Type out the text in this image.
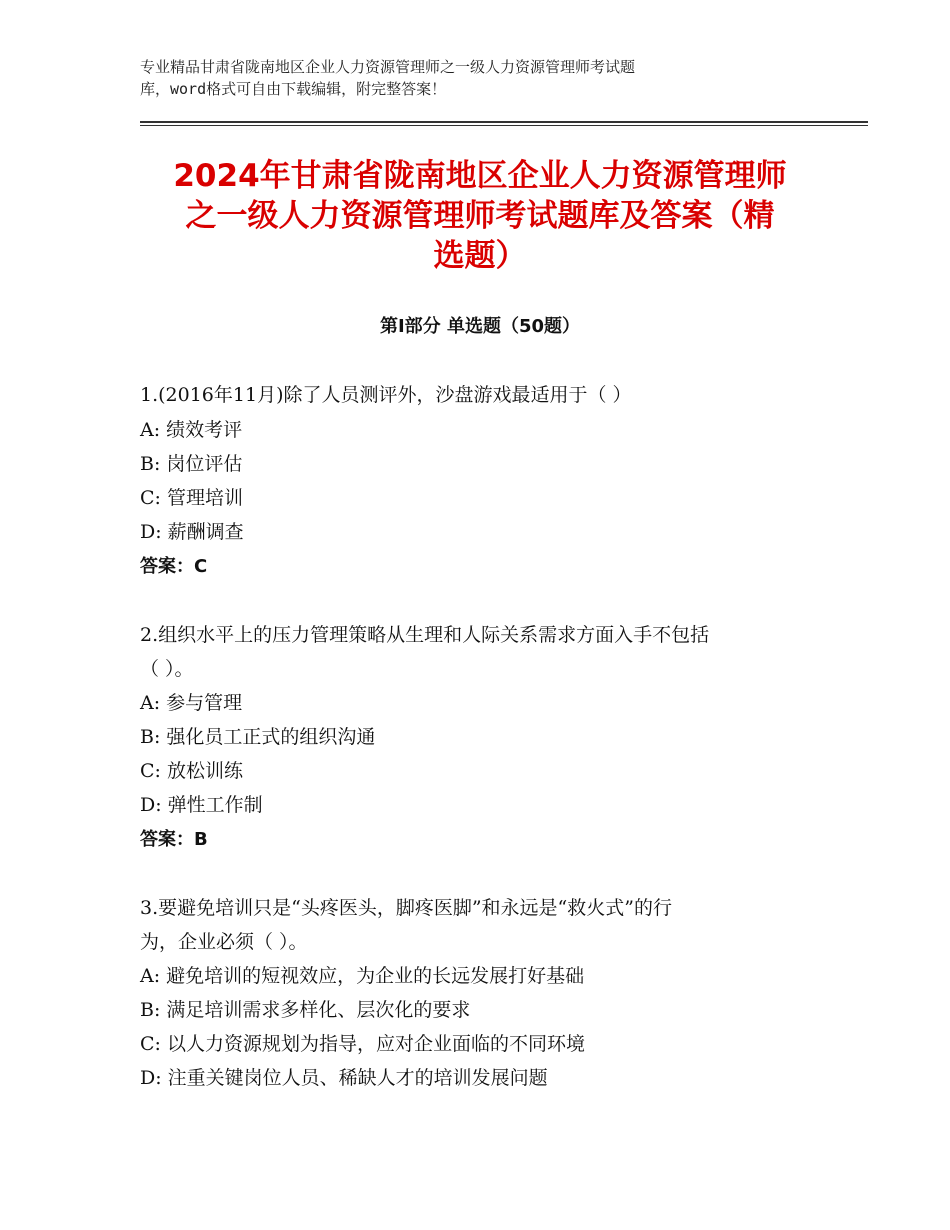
专业精品甘肃省陇南地区企业人力资源管理师之一级人力资源管理师考试题
库，word格式可自由下载编辑，附完整答案！
2024年甘肃省陇南地区企业人力资源管理师
之一级人力资源管理师考试题库及答案（精
选题）
第Ⅰ部分 单选题（50题）
1.(2016年11月)除了人员测评外，沙盘游戏最适用于（ ）
A: 绩效考评
B: 岗位评估
C: 管理培训
D: 薪酬调查
答案：C
2.组织水平上的压力管理策略从生理和人际关系需求方面入手不包括
（ ）。
A: 参与管理
B: 强化员工正式的组织沟通
C: 放松训练
D: 弹性工作制
答案：B
3.要避免培训只是“头疼医头，脚疼医脚”和永远是“救火式”的行
为，企业必须（ ）。
A: 避免培训的短视效应，为企业的长远发展打好基础
B: 满足培训需求多样化、层次化的要求
C: 以人力资源规划为指导，应对企业面临的不同环境
D: 注重关键岗位人员、稀缺人才的培训发展问题
